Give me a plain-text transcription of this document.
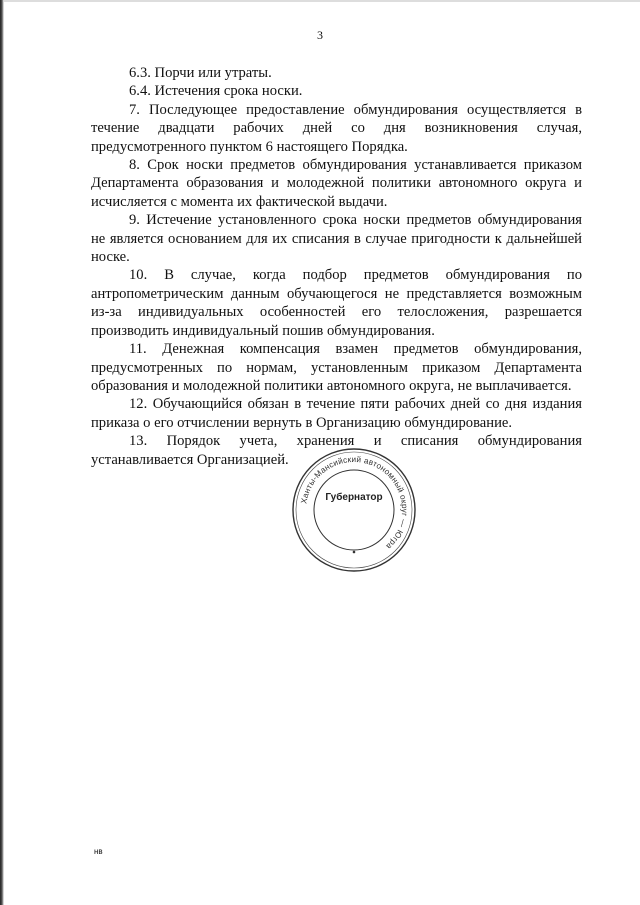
3

6.3. Порчи или утраты.

6.4. Истечения срока носки.

7. Последующее предоставление обмундирования осуществляется в течение двадцати рабочих дней со дня возникновения случая, предусмотренного пунктом 6 настоящего Порядка.

8. Срок носки предметов обмундирования устанавливается приказом Департамента образования и молодежной политики автономного округа и исчисляется с момента их фактической выдачи.

9. Истечение установленного срока носки предметов обмундирования не является основанием для их списания в случае пригодности к дальнейшей носке.

10. В случае, когда подбор предметов обмундирования по антропометрическим данным обучающегося не представляется возможным из-за индивидуальных особенностей его телосложения, разрешается производить индивидуальный пошив обмундирования.

11. Денежная компенсация взамен предметов обмундирования, предусмотренных по нормам, установленным приказом Департамента образования и молодежной политики автономного округа, не выплачивается.

12. Обучающийся обязан в течение пяти рабочих дней со дня издания приказа о его отчислении вернуть в Организацию обмундирование.

13. Порядок учета, хранения и списания обмундирования устанавливается Организацией.

Ханты-Мансийский автономный округ — Югра
Губернатор
нв
